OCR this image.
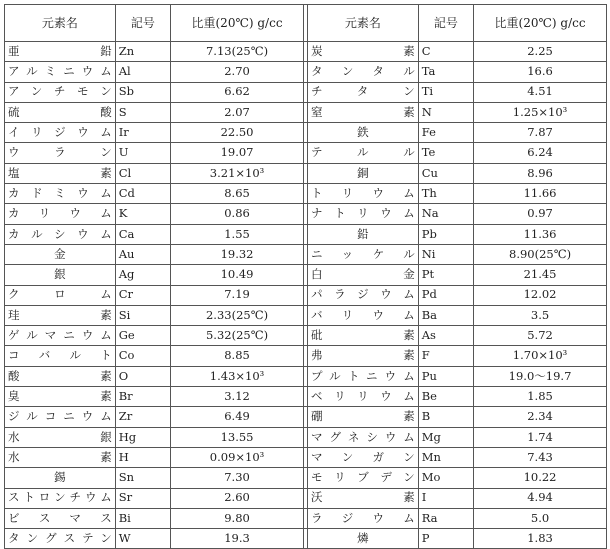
元素名	記号	比重(20℃) g/cc		元素名	記号	比重(20℃) g/cc
亜鉛	Zn	7.13(25℃)		炭素	C	2.25
アルミニウム	Al	2.70		タンタル	Ta	16.6
アンチモン	Sb	6.62		チタン	Ti	4.51
硫酸	S	2.07		窒素	N	1.25×10³
イリジウム	Ir	22.50		鉄	Fe	7.87
ウラン	U	19.07		テルル	Te	6.24
塩素	Cl	3.21×10³		銅	Cu	8.96
カドミウム	Cd	8.65		トリウム	Th	11.66
カリウム	K	0.86		ナトリウム	Na	0.97
カルシウム	Ca	1.55		鉛	Pb	11.36
金	Au	19.32		ニッケル	Ni	8.90(25℃)
銀	Ag	10.49		白金	Pt	21.45
クロム	Cr	7.19		パラジウム	Pd	12.02
珪素	Si	2.33(25℃)		バリウム	Ba	3.5
ゲルマニウム	Ge	5.32(25℃)		砒素	As	5.72
コバルト	Co	8.85		弗素	F	1.70×10³
酸素	O	1.43×10³		プルトニウム	Pu	19.0〜19.7
臭素	Br	3.12		ベリリウム	Be	1.85
ジルコニウム	Zr	6.49		硼素	B	2.34
水銀	Hg	13.55		マグネシウム	Mg	1.74
水素	H	0.09×10³		マンガン	Mn	7.43
錫	Sn	7.30		モリブデン	Mo	10.22
ストロンチウム	Sr	2.60		沃素	I	4.94
ビスマス	Bi	9.80		ラジウム	Ra	5.0
タングステン	W	19.3		燐	P	1.83
